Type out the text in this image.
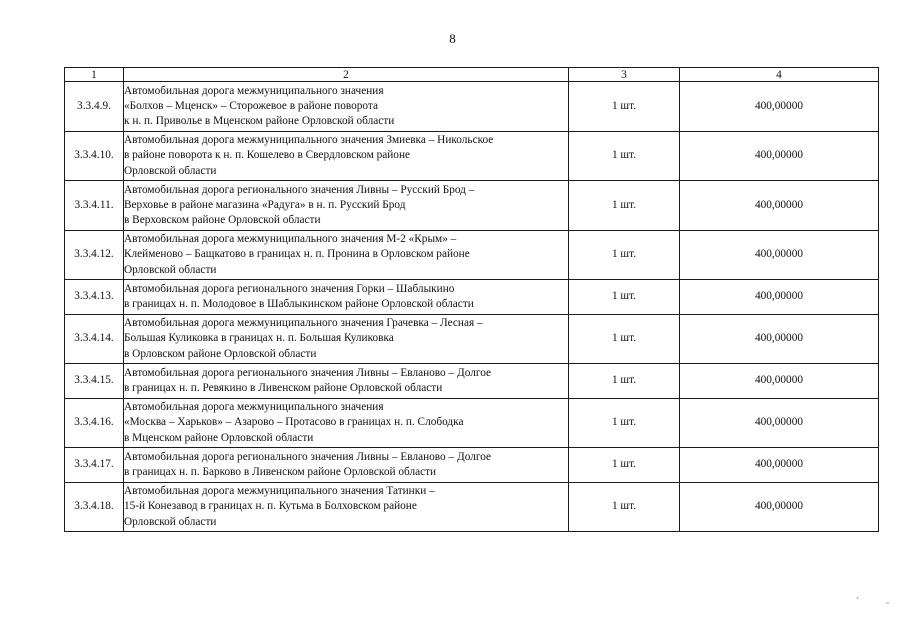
8
1	2	3	4
3.3.4.9.	Автомобильная дорога межмуниципального значения
«Болхов – Мценск» – Сторожевое в районе поворота
к н. п. Приволье в Мценском районе Орловской области	1 шт.	400,00000
3.3.4.10.	Автомобильная дорога межмуниципального значения Змиевка – Никольское
в районе поворота к н. п. Кошелево в Свердловском районе
Орловской области	1 шт.	400,00000
3.3.4.11.	Автомобильная дорога регионального значения Ливны – Русский Брод –
Верховье в районе магазина «Радуга» в н. п. Русский Брод
в Верховском районе Орловской области	1 шт.	400,00000
3.3.4.12.	Автомобильная дорога межмуниципального значения М-2 «Крым» –
Клейменово – Бащкатово в границах н. п. Пронина в Орловском районе
Орловской области	1 шт.	400,00000
3.3.4.13.	Автомобильная дорога регионального значения Горки – Шаблыкино
в границах н. п. Молодовое в Шаблыкинском районе Орловской области	1 шт.	400,00000
3.3.4.14.	Автомобильная дорога межмуниципального значения Грачевка – Лесная –
Большая Куликовка в границах н. п. Большая Куликовка
в Орловском районе Орловской области	1 шт.	400,00000
3.3.4.15.	Автомобильная дорога регионального значения Ливны – Евланово – Долгое
в границах н. п. Ревякино в Ливенском районе Орловской области	1 шт.	400,00000
3.3.4.16.	Автомобильная дорога межмуниципального значения
«Москва – Харьков» – Азарово – Протасово в границах н. п. Слободка
в Мценском районе Орловской области	1 шт.	400,00000
3.3.4.17.	Автомобильная дорога регионального значения Ливны – Евланово – Долгое
в границах н. п. Барково в Ливенском районе Орловской области	1 шт.	400,00000
3.3.4.18.	Автомобильная дорога межмуниципального значения Татинки –
15-й Конезавод в границах н. п. Кутьма в Болховском районе
Орловской области	1 шт.	400,00000
¸
˝
